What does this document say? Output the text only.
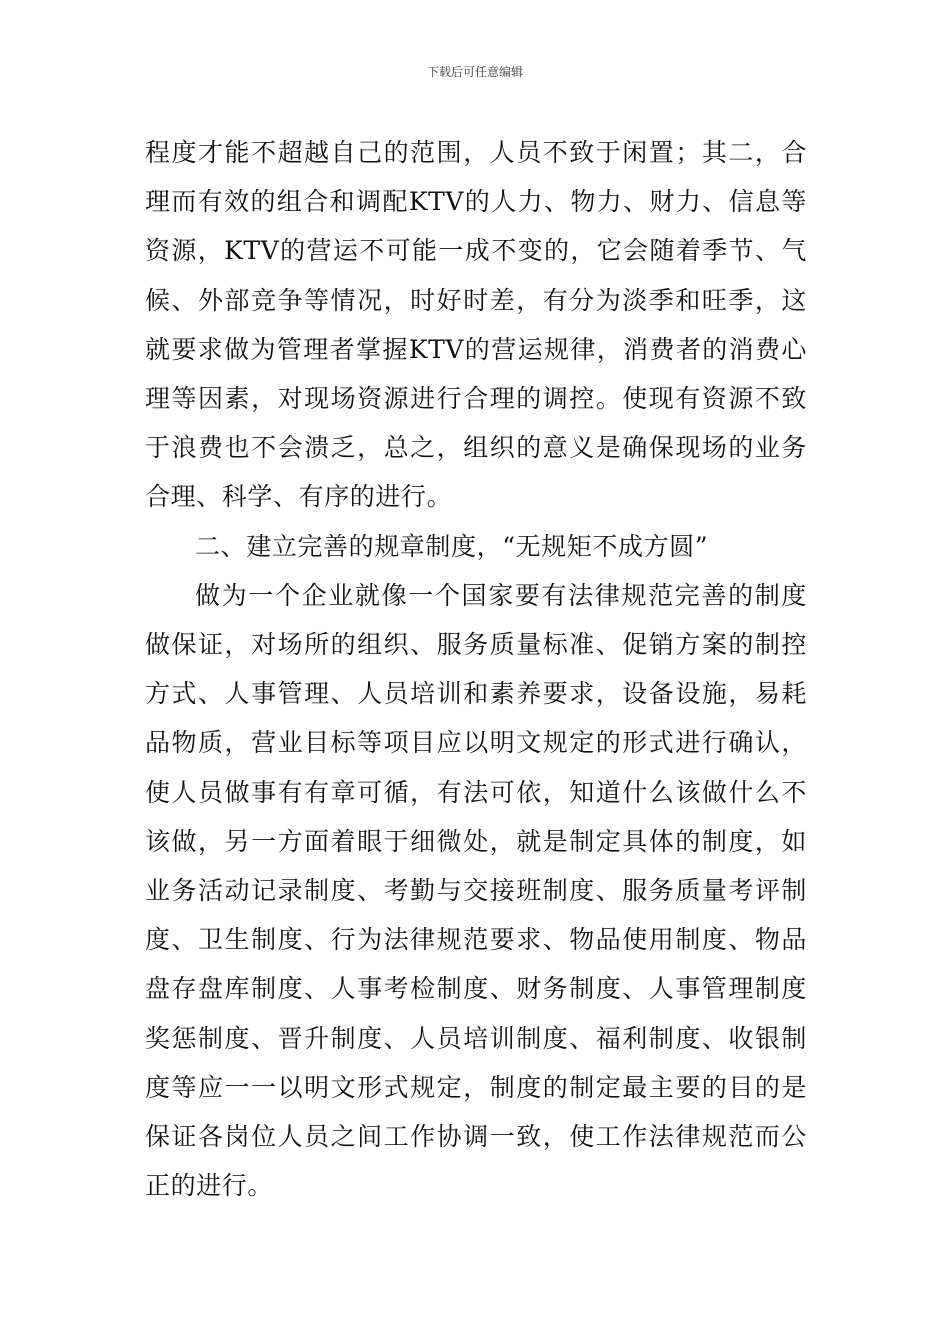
下载后可任意编辑

程度才能不超越自己的范围，人员不致于闲置；其二，合理而有效的组合和调配KTV的人力、物力、财力、信息等资源，KTV的营运不可能一成不变的，它会随着季节、气候、外部竞争等情况，时好时差，有分为淡季和旺季，这就要求做为管理者掌握KTV的营运规律，消费者的消费心理等因素，对现场资源进行合理的调控。使现有资源不致于浪费也不会溃乏，总之，组织的意义是确保现场的业务合理、科学、有序的进行。

二、建立完善的规章制度，“无规矩不成方圆”

做为一个企业就像一个国家要有法律规范完善的制度做保证，对场所的组织、服务质量标准、促销方案的制控方式、人事管理、人员培训和素养要求，设备设施，易耗品物质，营业目标等项目应以明文规定的形式进行确认，使人员做事有有章可循，有法可依，知道什么该做什么不该做，另一方面着眼于细微处，就是制定具体的制度，如业务活动记录制度、考勤与交接班制度、服务质量考评制度、卫生制度、行为法律规范要求、物品使用制度、物品盘存盘库制度、人事考检制度、财务制度、人事管理制度奖惩制度、晋升制度、人员培训制度、福利制度、收银制度等应一一以明文形式规定，制度的制定最主要的目的是保证各岗位人员之间工作协调一致，使工作法律规范而公正的进行。
